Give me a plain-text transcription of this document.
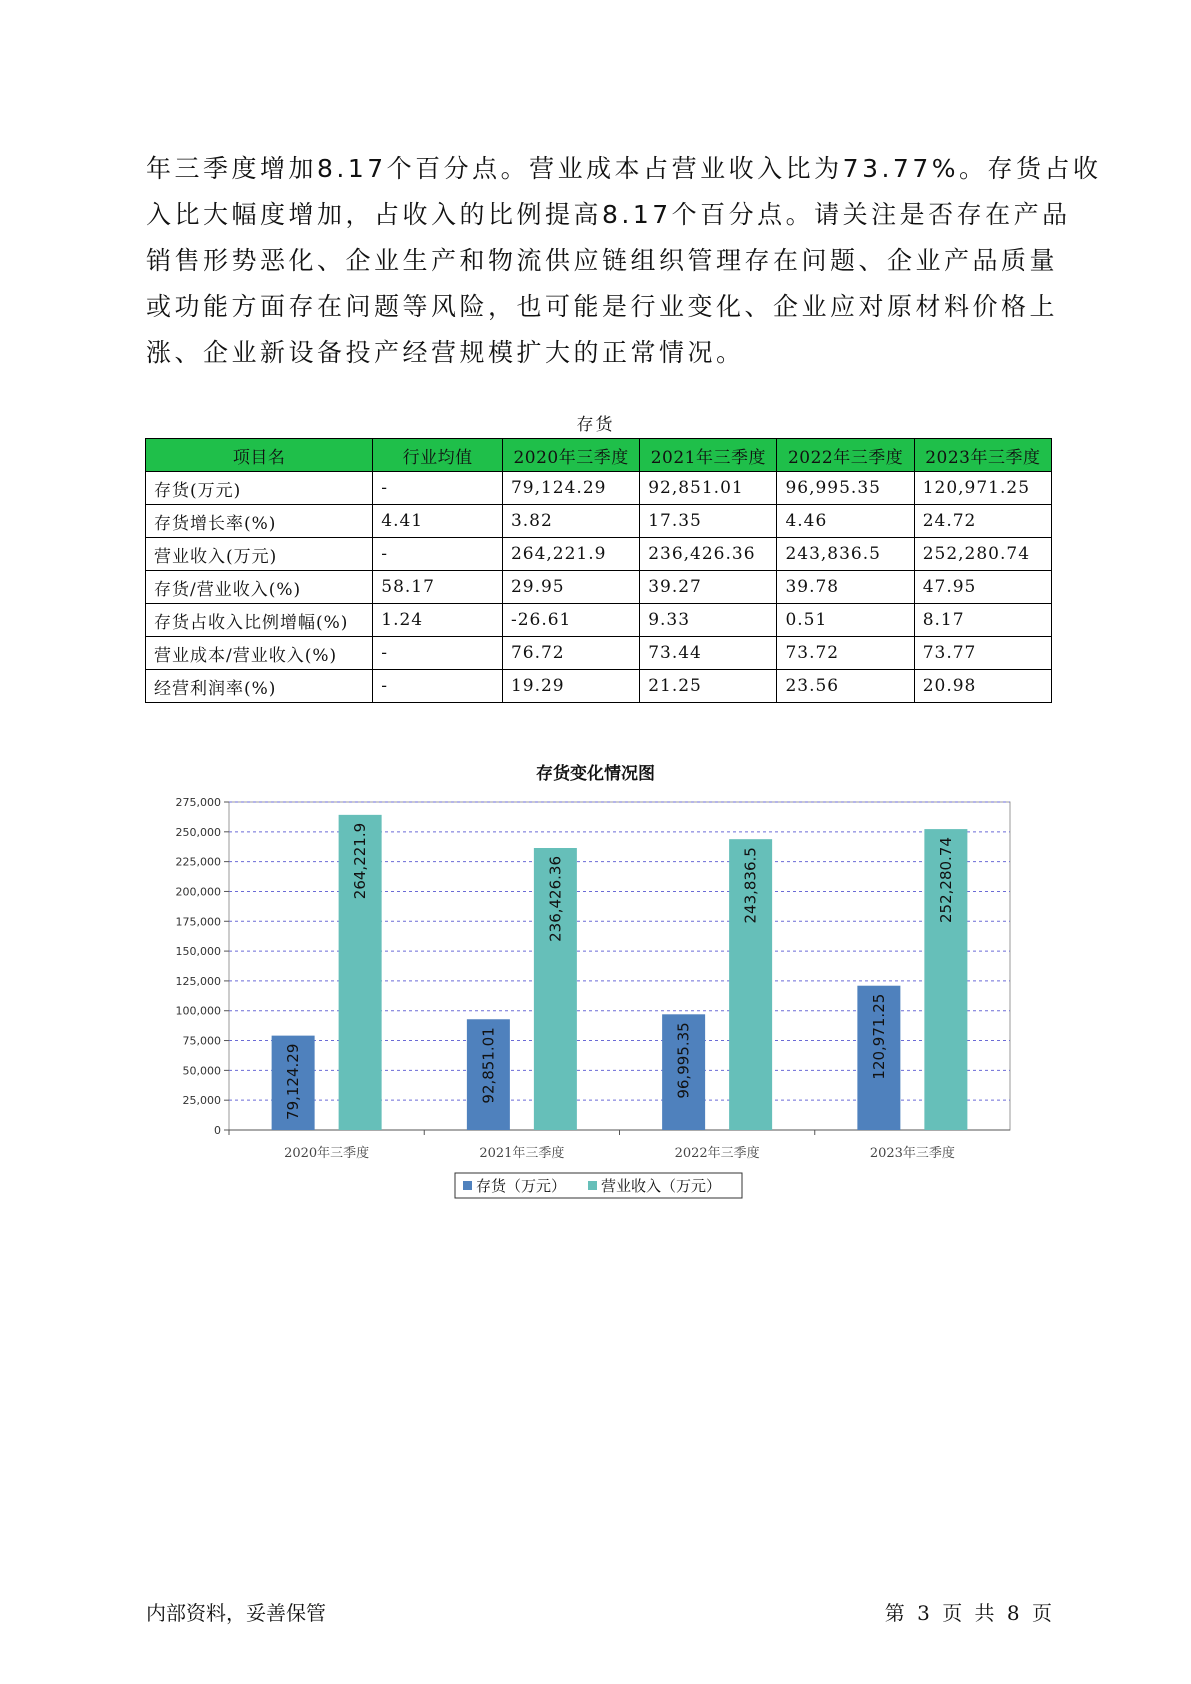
年三季度增加8.17个百分点。营业成本占营业收入比为73.77%。存货占收

入比大幅度增加，占收入的比例提高8.17个百分点。请关注是否存在产品

销售形势恶化、企业生产和物流供应链组织管理存在问题、企业产品质量

或功能方面存在问题等风险，也可能是行业变化、企业应对原材料价格上

涨、企业新设备投产经营规模扩大的正常情况。

存货
项目名	行业均值	2020年三季度	2021年三季度	2022年三季度	2023年三季度
存货(万元)	-	79,124.29	92,851.01	96,995.35	120,971.25
存货增长率(%)	4.41	3.82	17.35	4.46	24.72
营业收入(万元)	-	264,221.9	236,426.36	243,836.5	252,280.74
存货/营业收入(%)	58.17	29.95	39.27	39.78	47.95
存货占收入比例增幅(%)	1.24	-26.61	9.33	0.51	8.17
营业成本/营业收入(%)	-	76.72	73.44	73.72	73.77
经营利润率(%)	-	19.29	21.25	23.56	20.98
存货变化情况图
0
25,000
50,000
75,000
100,000
125,000
150,000
175,000
200,000
225,000
250,000
275,000
79,124.29
264,221.9
2020年三季度
92,851.01
236,426.36
2021年三季度
96,995.35
243,836.5
2022年三季度
120,971.25
252,280.74
2023年三季度
存货（万元） 营业收入（万元）
内部资料，妥善保管	第 3 页 共 8 页
